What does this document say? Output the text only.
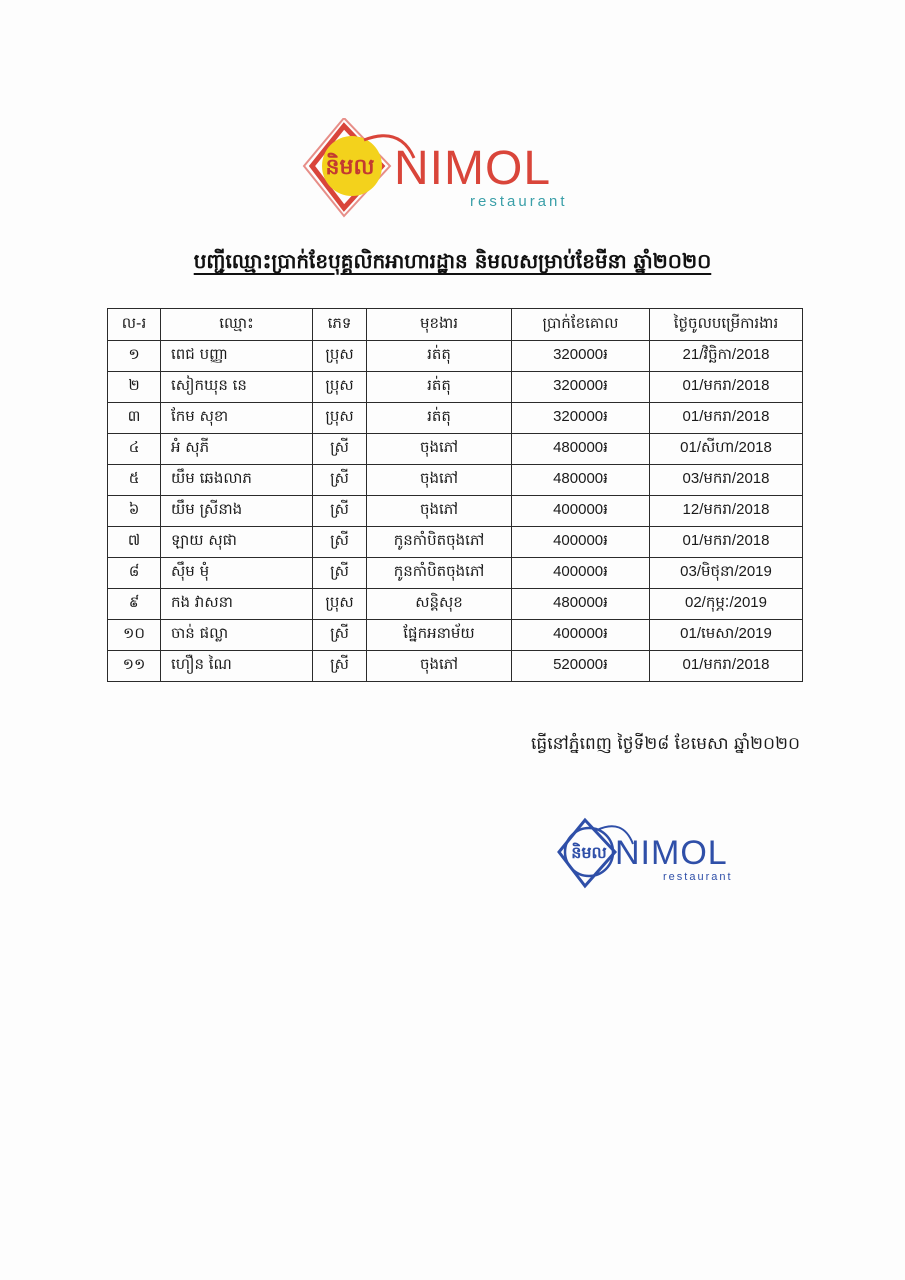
និមល NIMOL
restaurant
បញ្ជីឈ្មោះប្រាក់ខែបុគ្គលិកអាហារដ្ឋាន និមលសម្រាប់ខែមីនា ឆ្នាំ២០២០
ល-រ	ឈ្មោះ	ភេទ	មុខងារ	ប្រាក់ខែគោល	ថ្ងៃចូលបម្រើការងារ
១	ពេជ បញ្ញា	ប្រុស	រត់តុ	320000៛	21/វិច្ឆិកា/2018
២	សៀកឃុន នេ	ប្រុស	រត់តុ	320000៛	01/មករា/2018
៣	កែម សុខា	ប្រុស	រត់តុ	320000៛	01/មករា/2018
៤	អំ សុភី	ស្រី	ចុងភៅ	480000៛	01/សីហា/2018
៥	យឹម ឆេងលាភ	ស្រី	ចុងភៅ	480000៛	03/មករា/2018
៦	យឹម ស្រីនាង	ស្រី	ចុងភៅ	400000៛	12/មករា/2018
៧	ឡាយ សុផា	ស្រី	កូនកាំបិតចុងភៅ	400000៛	01/មករា/2018
៨	ស៊ឹម មុំ	ស្រី	កូនកាំបិតចុងភៅ	400000៛	03/មិថុនា/2019
៩	កង វាសនា	ប្រុស	សន្តិសុខ	480000៛	02/កុម្ភៈ/2019
១០	ចាន់ ផល្លា	ស្រី	ផ្នែកអនាម័យ	400000៛	01/មេសា/2019
១១	ហឿន ណៃ	ស្រី	ចុងភៅ	520000៛	01/មករា/2018
ធ្វើនៅភ្នំពេញ ថ្ងៃទី២៨ ខែមេសា ឆ្នាំ២០២០
និមល NIMOL
restaurant
